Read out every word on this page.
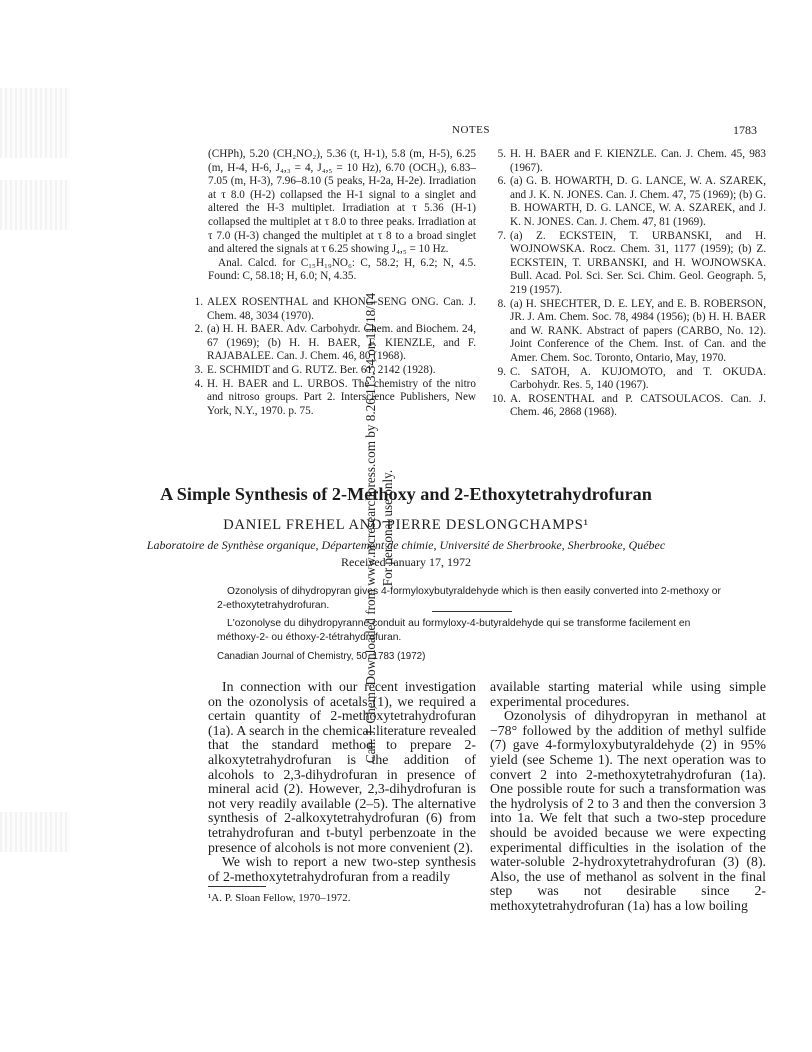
Can. J. Chem. Downloaded from www.nrcresearchpress.com by 8.26.113.34 on 11/18/14 For personal use only.
NOTES	1783

(CHPh), 5.20 (CH₂NO₂), 5.36 (t, H-1), 5.8 (m, H-5), 6.25 (m, H-4, H-6, J₄,₃ = 4, J₄,₅ = 10 Hz), 6.70 (OCH₃), 6.83–7.05 (m, H-3), 7.96–8.10 (5 peaks, H-2a, H-2e). Irradiation at τ 8.0 (H-2) collapsed the H-1 signal to a singlet and altered the H-3 multiplet. Irradiation at τ 5.36 (H-1) collapsed the multiplet at τ 8.0 to three peaks. Irradiation at τ 7.0 (H-3) changed the multiplet at τ 8 to a broad singlet and altered the signals at τ 6.25 showing J₄,₅ = 10 Hz.

Anal. Calcd. for C₁₅H₁₉NO₆: C, 58.2; H, 6.2; N, 4.5. Found: C, 58.18; H, 6.0; N, 4.35.

1. ALEX ROSENTHAL and KHONG-SENG ONG. Can. J. Chem. 48, 3034 (1970).
2. (a) H. H. BAER. Adv. Carbohydr. Chem. and Biochem. 24, 67 (1969); (b) H. H. BAER, F. KIENZLE, and F. RAJABALEE. Can. J. Chem. 46, 80 (1968).
3. E. SCHMIDT and G. RUTZ. Ber. 61, 2142 (1928).
4. H. H. BAER and L. URBOS. The chemistry of the nitro and nitroso groups. Part 2. Interscience Publishers, New York, N.Y., 1970. p. 75.
5. H. H. BAER and F. KIENZLE. Can. J. Chem. 45, 983 (1967).
6. (a) G. B. HOWARTH, D. G. LANCE, W. A. SZAREK, and J. K. N. JONES. Can. J. Chem. 47, 75 (1969); (b) G. B. HOWARTH, D. G. LANCE, W. A. SZAREK, and J. K. N. JONES. Can. J. Chem. 47, 81 (1969).
7. (a) Z. ECKSTEIN, T. URBANSKI, and H. WOJNOWSKA. Rocz. Chem. 31, 1177 (1959); (b) Z. ECKSTEIN, T. URBANSKI, and H. WOJNOWSKA. Bull. Acad. Pol. Sci. Ser. Sci. Chim. Geol. Geograph. 5, 219 (1957).
8. (a) H. SHECHTER, D. E. LEY, and E. B. ROBERSON, JR. J. Am. Chem. Soc. 78, 4984 (1956); (b) H. H. BAER and W. RANK. Abstract of papers (CARBO, No. 12). Joint Conference of the Chem. Inst. of Can. and the Amer. Chem. Soc. Toronto, Ontario, May, 1970.
9. C. SATOH, A. KUJOMOTO, and T. OKUDA. Carbohydr. Res. 5, 140 (1967).
10. A. ROSENTHAL and P. CATSOULACOS. Can. J. Chem. 46, 2868 (1968).
A Simple Synthesis of 2-Methoxy and 2-Ethoxytetrahydrofuran
DANIEL FREHEL AND PIERRE DESLONGCHAMPS¹
Laboratoire de Synthèse organique, Département de chimie, Université de Sherbrooke, Sherbrooke, Québec
Received January 17, 1972
Ozonolysis of dihydropyran gives 4-formyloxybutyraldehyde which is then easily converted into 2-methoxy or 2-ethoxytetrahydrofuran.
L'ozonolyse du dihydropyranne conduit au formyloxy-4-butyraldehyde qui se transforme facilement en méthoxy-2- ou éthoxy-2-tétrahydrofuran.
Canadian Journal of Chemistry, 50, 1783 (1972)

In connection with our recent investigation on the ozonolysis of acetals (1), we required a certain quantity of 2-methoxytetrahydrofuran (1a). A search in the chemical literature revealed that the standard method to prepare 2-alkoxytetrahydrofuran is the addition of alcohols to 2,3-dihydrofuran in presence of mineral acid (2). However, 2,3-dihydrofuran is not very readily available (2–5). The alternative synthesis of 2-alkoxytetrahydrofuran (6) from tetrahydrofuran and t-butyl perbenzoate in the presence of alcohols is not more convenient (2).

We wish to report a new two-step synthesis of 2-methoxytetrahydrofuran from a readily

¹A. P. Sloan Fellow, 1970–1972.

available starting material while using simple experimental procedures.

Ozonolysis of dihydropyran in methanol at −78° followed by the addition of methyl sulfide (7) gave 4-formyloxybutyraldehyde (2) in 95% yield (see Scheme 1). The next operation was to convert 2 into 2-methoxytetrahydrofuran (1a). One possible route for such a transformation was the hydrolysis of 2 to 3 and then the conversion 3 into 1a. We felt that such a two-step procedure should be avoided because we were expecting experimental difficulties in the isolation of the water-soluble 2-hydroxytetrahydrofuran (3) (8). Also, the use of methanol as solvent in the final step was not desirable since 2-methoxytetrahydrofuran (1a) has a low boiling
